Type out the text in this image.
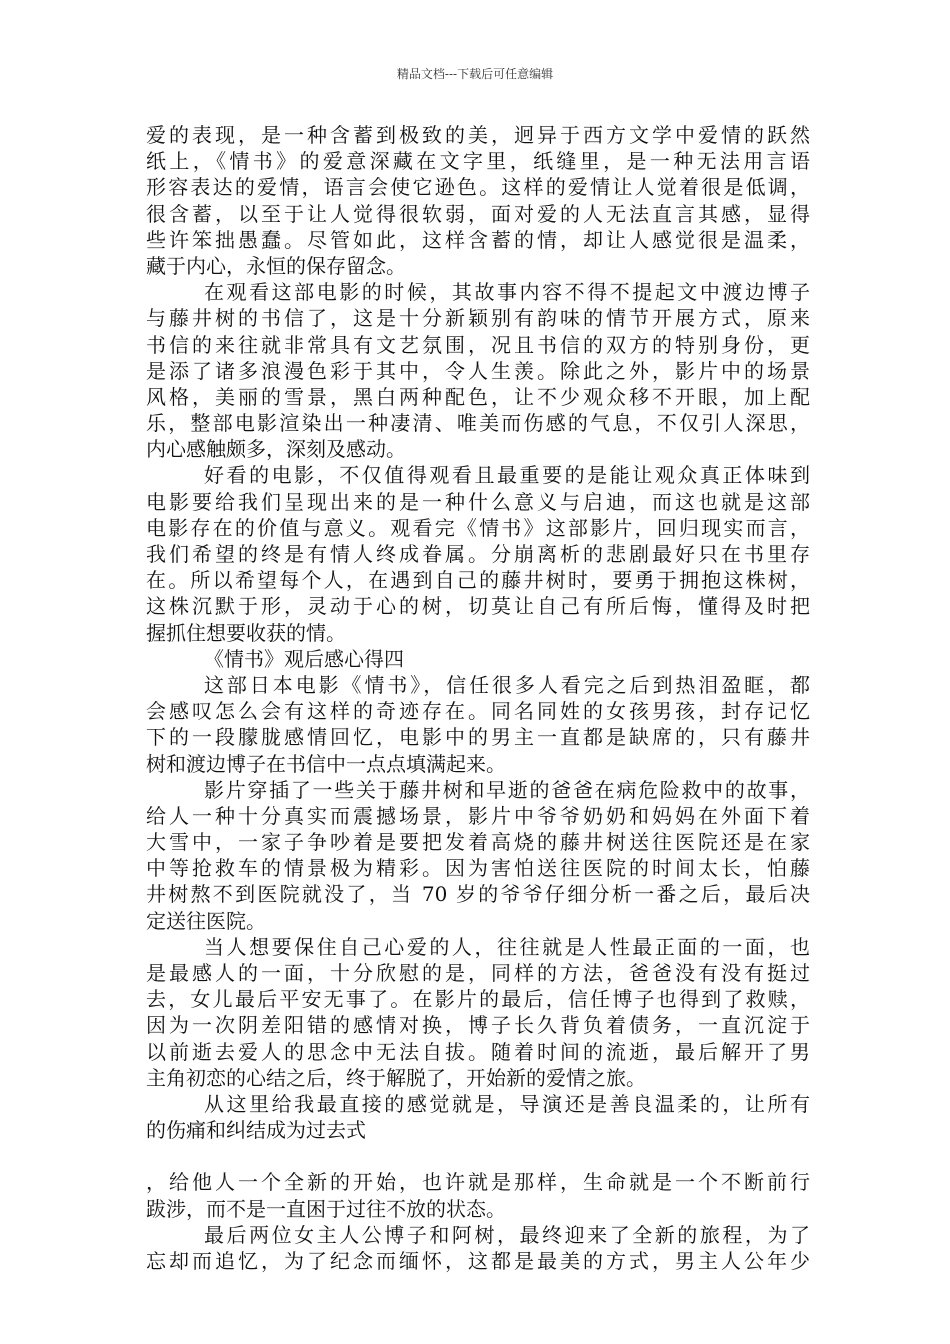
精品文档---下载后可任意编辑
爱的表现，是一种含蓄到极致的美，迥异于西方文学中爱情的跃然
纸上，《情书》的爱意深藏在文字里，纸缝里，是一种无法用言语
形容表达的爱情，语言会使它逊色。这样的爱情让人觉着很是低调，
很含蓄，以至于让人觉得很软弱，面对爱的人无法直言其感，显得
些许笨拙愚蠢。尽管如此，这样含蓄的情，却让人感觉很是温柔，
藏于内心，永恒的保存留念。
在观看这部电影的时候，其故事内容不得不提起文中渡边博子
与藤井树的书信了，这是十分新颖别有韵味的情节开展方式，原来
书信的来往就非常具有文艺氛围，况且书信的双方的特别身份，更
是添了诸多浪漫色彩于其中，令人生羡。除此之外，影片中的场景
风格，美丽的雪景，黑白两种配色，让不少观众移不开眼，加上配
乐，整部电影渲染出一种凄清、唯美而伤感的气息，不仅引人深思，
内心感触颇多，深刻及感动。
好看的电影，不仅值得观看且最重要的是能让观众真正体味到
电影要给我们呈现出来的是一种什么意义与启迪，而这也就是这部
电影存在的价值与意义。观看完《情书》这部影片，回归现实而言，
我们希望的终是有情人终成眷属。分崩离析的悲剧最好只在书里存
在。所以希望每个人，在遇到自己的藤井树时，要勇于拥抱这株树，
这株沉默于形，灵动于心的树，切莫让自己有所后悔，懂得及时把
握抓住想要收获的情。
《情书》观后感心得四
这部日本电影《情书》，信任很多人看完之后到热泪盈眶，都
会感叹怎么会有这样的奇迹存在。同名同姓的女孩男孩，封存记忆
下的一段朦胧感情回忆，电影中的男主一直都是缺席的，只有藤井
树和渡边博子在书信中一点点填满起来。
影片穿插了一些关于藤井树和早逝的爸爸在病危险救中的故事，
给人一种十分真实而震撼场景，影片中爷爷奶奶和妈妈在外面下着
大雪中，一家子争吵着是要把发着高烧的藤井树送往医院还是在家
中等抢救车的情景极为精彩。因为害怕送往医院的时间太长，怕藤
井树熬不到医院就没了，当 70 岁的爷爷仔细分析一番之后，最后决
定送往医院。
当人想要保住自己心爱的人，往往就是人性最正面的一面，也
是最感人的一面，十分欣慰的是，同样的方法，爸爸没有没有挺过
去，女儿最后平安无事了。在影片的最后，信任博子也得到了救赎，
因为一次阴差阳错的感情对换，博子长久背负着债务，一直沉淀于
以前逝去爱人的思念中无法自拔。随着时间的流逝，最后解开了男
主角初恋的心结之后，终于解脱了，开始新的爱情之旅。
从这里给我最直接的感觉就是，导演还是善良温柔的，让所有
的伤痛和纠结成为过去式
，给他人一个全新的开始，也许就是那样，生命就是一个不断前行
跋涉，而不是一直困于过往不放的状态。
最后两位女主人公博子和阿树，最终迎来了全新的旅程，为了
忘却而追忆，为了纪念而缅怀，这都是最美的方式，男主人公年少
